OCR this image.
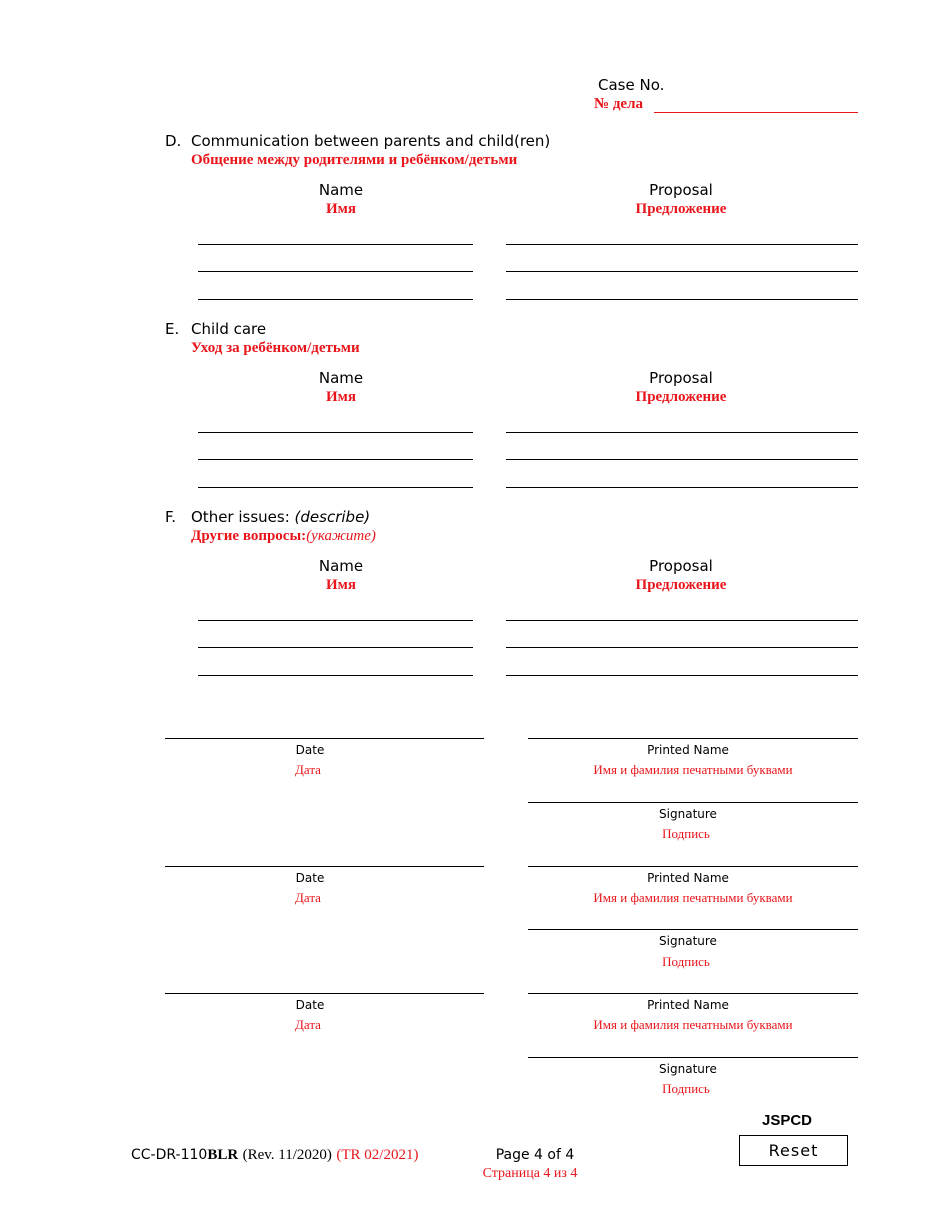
Case No.
№ дела
D. Communication between parents and child(ren)
Общение между родителями и ребёнком/детьми
Name
Имя
Proposal
Предложение
E. Child care
Уход за ребёнком/детьми
Name
Имя
Proposal
Предложение
F. Other issues: (describe)
Другие вопросы:(укажите)
Name
Имя
Proposal
Предложение
Date
Дата
Printed Name
Имя и фамилия печатными буквами
Signature
Подпись
Date
Дата
Printed Name
Имя и фамилия печатными буквами
Signature
Подпись
Date
Дата
Printed Name
Имя и фамилия печатными буквами
Signature
Подпись
JSPCD
CC-DR-110BLR (Rev. 11/2020) (TR 02/2021)	Page 4 of 4
Страница 4 из 4
Reset
